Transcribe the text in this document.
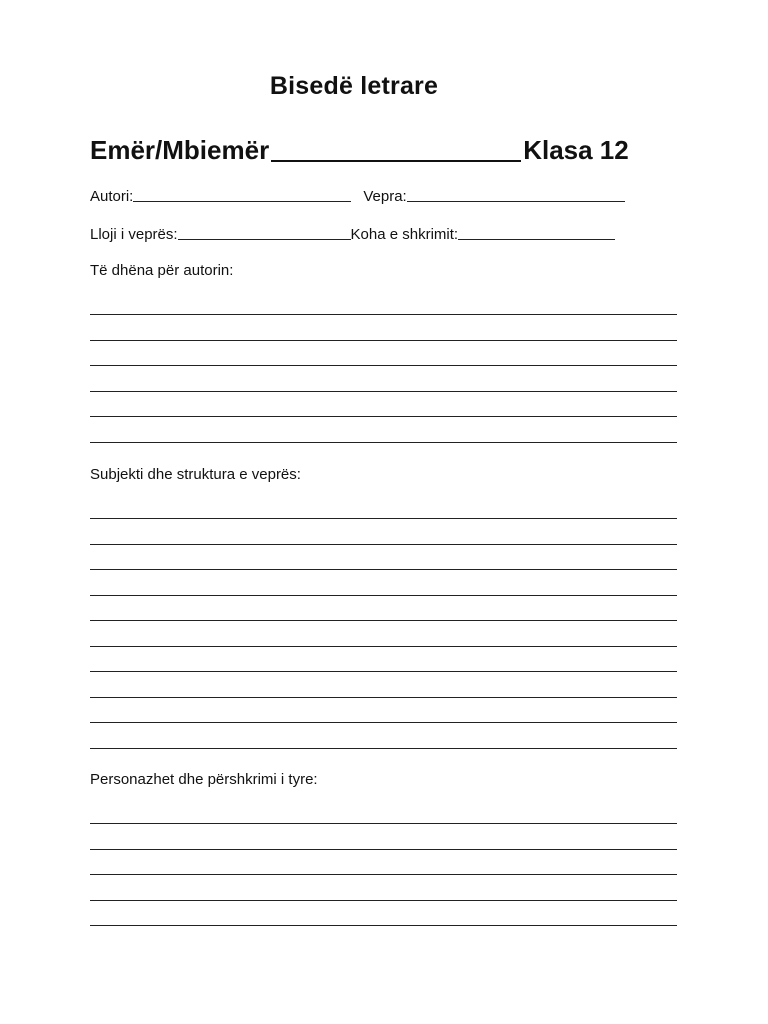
Bisedë letrare
Emër/Mbiemër	Klasa 12
Autori:	Vepra:
Lloji i veprës:	Koha e shkrimit:
Të dhëna për autorin:
Subjekti dhe struktura e veprës:
Personazhet dhe përshkrimi i tyre:
